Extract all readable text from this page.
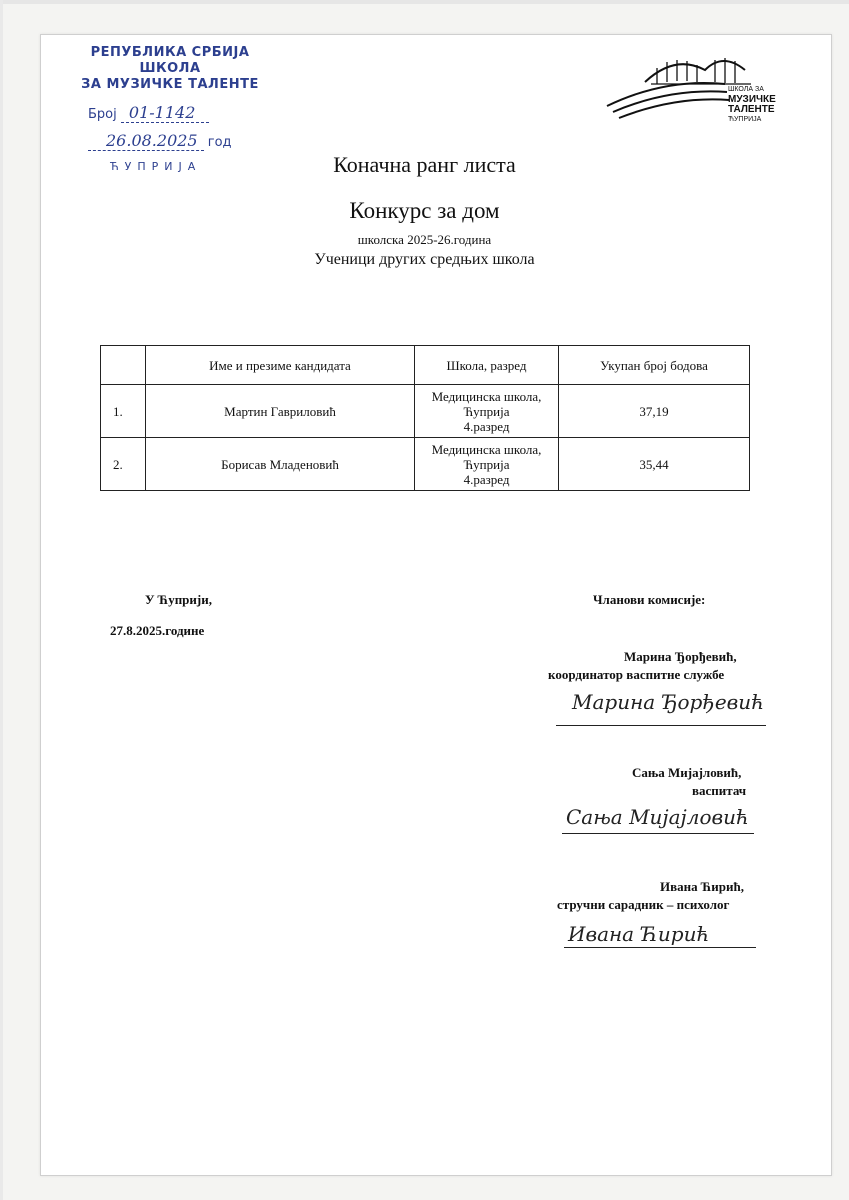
РЕПУБЛИКА СРБИЈА
ШКОЛА
ЗА МУЗИЧКЕ ТАЛЕНТЕ
Број 01-1142
26.08.2025 год
ЋУПРИЈА
ШКОЛА ЗА
МУЗИЧКЕ
ТАЛЕНТЕ
ЋУПРИЈА
Коначна ранг листа
Конкурс за дом
школска 2025-26.година
Ученици других средњих школа
	Име и презиме кандидата	Школа, разред	Укупан број бодова
1.	Мартин Гавриловић	Медицинска школа,
Ћуприја
4.разред	37,19
2.	Борисав Младеновић	Медицинска школа,
Ћуприја
4.разред	35,44
У Ћуприји,
27.8.2025.године
Чланови комисије:
Марина Ђорђевић,
координатор васпитне службе
Марина Ђорђевић
Сања Мијајловић,
васпитач
Сања Мијајловић
Ивана Ћирић,
стручни сарадник – психолог
Ивана Ћирић
